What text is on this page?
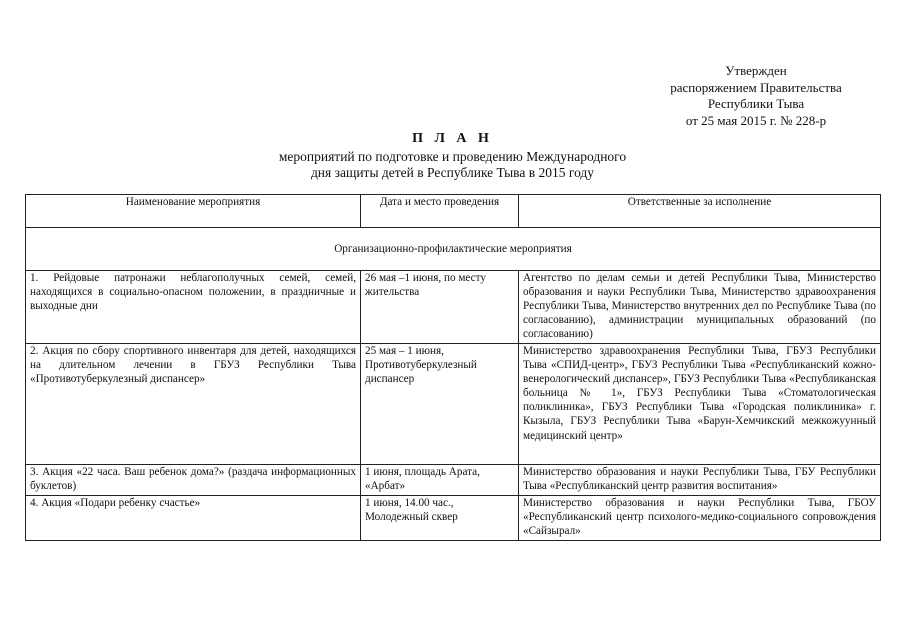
Утвержден
распоряжением Правительства
Республики Тыва
от 25 мая 2015 г. № 228-р
П Л А Н
мероприятий по подготовке и проведению Международного
дня защиты детей в Республике Тыва в 2015 году
Наименование мероприятия	Дата и место проведения	Ответственные за исполнение
Организационно-профилактические мероприятия		
1. Рейдовые патронажи неблагополучных семей, семей, находящихся в социально-опасном положении, в праздничные и выходные дни	26 мая –1 июня, по месту жительства	Агентство по делам семьи и детей Республики Тыва, Министерство образования и науки Республики Тыва, Министерство здравоохранения Республики Тыва, Министерство внутренних дел по Республике Тыва (по согласованию), администрации муниципальных образований (по согласованию)
2. Акция по сбору спортивного инвентаря для детей, находящихся на длительном лечении в ГБУЗ Республики Тыва «Противотуберкулезный диспансер»	25 мая – 1 июня, Противотуберкулезный диспансер	Министерство здравоохранения Республики Тыва, ГБУЗ Республики Тыва «СПИД-центр», ГБУЗ Республики Тыва «Республиканский кожно-венерологический диспансер», ГБУЗ Республики Тыва «Республиканская больница № 1», ГБУЗ Республики Тыва «Стоматологическая поликлиника», ГБУЗ Республики Тыва «Городская поликлиника» г. Кызыла, ГБУЗ Республики Тыва «Барун-Хемчикский межкожуунный медицинский центр»
3. Акция «22 часа. Ваш ребенок дома?» (раздача информационных буклетов)	1 июня, площадь Арата, «Арбат»	Министерство образования и науки Республики Тыва, ГБУ Республики Тыва «Республиканский центр развития воспитания»
4. Акция «Подари ребенку счастье»	1 июня, 14.00 час., Молодежный сквер	Министерство образования и науки Республики Тыва, ГБОУ «Республиканский центр психолого-медико-социального сопровождения «Сайзырал»
